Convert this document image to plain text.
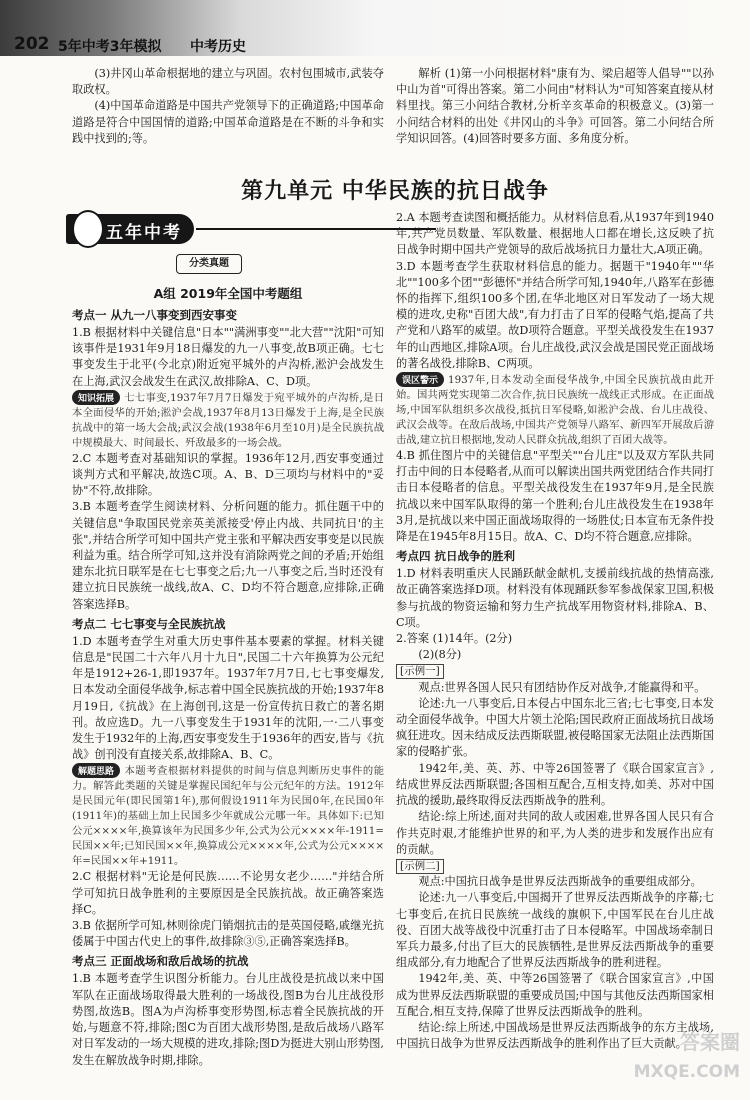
202 5年中考3年模拟 中考历史

(3)井冈山革命根据地的建立与巩固。农村包围城市,武装夺取政权。

(4)中国革命道路是中国共产党领导下的正确道路;中国革命道路是符合中国国情的道路;中国革命道路是在不断的斗争和实践中找到的;等。

解析 (1)第一小问根据材料"康有为、梁启超等人倡导""以孙中山为首"可得出答案。第二小问由"材料认为"可知答案直接从材料里找。第三小问结合教材,分析辛亥革命的积极意义。(3)第一小问结合材料的出处《井冈山的斗争》可回答。第二小问结合所学知识回答。(4)回答时要多方面、多角度分析。

第九单元 中华民族的抗日战争
五年中考
分类真题
A组 2019年全国中考题组

考点一 从九一八事变到西安事变

1.B 根据材料中关键信息"日本""满洲事变""北大营""沈阳"可知该事件是1931年9月18日爆发的九一八事变,故B项正确。七七事变发生于北平(今北京)附近宛平城外的卢沟桥,淞沪会战发生在上海,武汉会战发生在武汉,故排除A、C、D项。

知识拓展 七七事变,1937年7月7日爆发于宛平城外的卢沟桥,是日本全面侵华的开始;淞沪会战,1937年8月13日爆发于上海,是全民族抗战中的第一场大会战;武汉会战(1938年6月至10月)是全民族抗战中规模最大、时间最长、歼敌最多的一场会战。

2.C 本题考查对基础知识的掌握。1936年12月,西安事变通过谈判方式和平解决,故选C项。A、B、D三项均与材料中的"妥协"不符,故排除。

3.B 本题考查学生阅读材料、分析问题的能力。抓住题干中的关键信息"争取国民党亲英美派接受'停止内战、共同抗日'的主张",并结合所学可知中国共产党主张和平解决西安事变是以民族利益为重。结合所学可知,这并没有消除两党之间的矛盾;开始组建东北抗日联军是在七七事变之后;九一八事变之后,当时还没有建立抗日民族统一战线,故A、C、D均不符合题意,应排除,正确答案选择B。

考点二 七七事变与全民族抗战

1.D 本题考查学生对重大历史事件基本要素的掌握。材料关键信息是"民国二十六年八月十九日",民国二十六年换算为公元纪年是1912+26-1,即1937年。1937年7月7日,七七事变爆发,日本发动全面侵华战争,标志着中国全民族抗战的开始;1937年8月19日,《抗战》在上海创刊,这是一份宣传抗日救亡的著名期刊。故应选D。九一八事变发生于1931年的沈阳,一·二八事变发生于1932年的上海,西安事变发生于1936年的西安,皆与《抗战》创刊没有直接关系,故排除A、B、C。

解题思路 本题考查根据材料提供的时间与信息判断历史事件的能力。解答此类题的关键是掌握民国纪年与公元纪年的方法。1912年是民国元年(即民国第1年),那何假设1911年为民国0年,在民国0年(1911年)的基础上加上民国多少年就成公元哪一年。具体如下:已知公元××××年,换算该年为民国多少年,公式为公元××××年-1911=民国××年;已知民国××年,换算成公元××××年,公式为公元××××年=民国××年+1911。

2.C 根据材料"无论是何民族……不论男女老少……"并结合所学可知抗日战争胜利的主要原因是全民族抗战。故正确答案选择C。

3.B 依据所学可知,林则徐虎门销烟抗击的是英国侵略,戚继光抗倭属于中国古代史上的事件,故排除③⑤,正确答案选择B。

考点三 正面战场和敌后战场的抗战

1.B 本题考查学生识图分析能力。台儿庄战役是抗战以来中国军队在正面战场取得最大胜利的一场战役,图B为台儿庄战役形势图,故选B。图A为卢沟桥事变形势图,标志着全民族抗战的开始,与题意不符,排除;图C为百团大战形势图,是敌后战场八路军对日军发动的一场大规模的进攻,排除;图D为挺进大别山形势图,发生在解放战争时期,排除。

2.A 本题考查读图和概括能力。从材料信息看,从1937年到1940年,共产党员数量、军队数量、根据地人口都在增长,这反映了抗日战争时期中国共产党领导的敌后战场抗日力量壮大,A项正确。

3.D 本题考查学生获取材料信息的能力。据题干"1940年""华北""100多个团""彭德怀"并结合所学可知,1940年,八路军在彭德怀的指挥下,组织100多个团,在华北地区对日军发动了一场大规模的进攻,史称"百团大战",有力打击了日军的侵略气焰,提高了共产党和八路军的威望。故D项符合题意。平型关战役发生在1937年的山西地区,排除A项。台儿庄战役,武汉会战是国民党正面战场的著名战役,排除B、C两项。

误区警示 1937年,日本发动全面侵华战争,中国全民族抗战由此开始。国共两党实现第二次合作,抗日民族统一战线正式形成。在正面战场,中国军队组织多次战役,抵抗日军侵略,如淞沪会战、台儿庄战役、武汉会战等。在敌后战场,中国共产党领导八路军、新四军开展敌后游击战,建立抗日根据地,发动人民群众抗战,组织了百团大战等。

4.B 抓住图片中的关键信息"平型关""台儿庄"以及双方军队共同打击中间的日本侵略者,从而可以解读出国共两党团结合作共同打击日本侵略者的信息。平型关战役发生在1937年9月,是全民族抗战以来中国军队取得的第一个胜利;台儿庄战役发生在1938年3月,是抗战以来中国正面战场取得的一场胜仗;日本宣布无条件投降是在1945年8月15日。故A、C、D均不符合题意,应排除。

考点四 抗日战争的胜利

1.D 材料表明重庆人民踊跃献金献机,支援前线抗战的热情高涨,故正确答案选择D项。材料没有体现踊跃参军参战保家卫国,积极参与抗战的物资运输和努力生产抗战军用物资材料,排除A、B、C项。

2.答案 (1)14年。(2分)

(2)(8分)

[示例一]

观点:世界各国人民只有团结协作反对战争,才能赢得和平。

论述:九一八事变后,日本侵占中国东北三省;七七事变,日本发动全面侵华战争。中国大片领土沦陷;国民政府正面战场抗日战场疯狂进攻。因未结成反法西斯联盟,被侵略国家无法阻止法西斯国家的侵略扩张。

1942年,美、英、苏、中等26国签署了《联合国家宣言》,结成世界反法西斯联盟;各国相互配合,互相支持,如美、苏对中国抗战的援助,最终取得反法西斯战争的胜利。

结论:综上所述,面对共同的敌人或困难,世界各国人民只有合作共克时艰,才能维护世界的和平,为人类的进步和发展作出应有的贡献。

[示例二]

观点:中国抗日战争是世界反法西斯战争的重要组成部分。

论述:九一八事变后,中国揭开了世界反法西斯战争的序幕;七七事变后,在抗日民族统一战线的旗帜下,中国军民在台儿庄战役、百团大战等战役中沉重打击了日本侵略军。中国战场牵制日军兵力最多,付出了巨大的民族牺牲,是世界反法西斯战争的重要组成部分,有力地配合了世界反法西斯战争的胜利进程。

1942年,美、英、中等26国签署了《联合国家宣言》,中国成为世界反法西斯联盟的重要成员国;中国与其他反法西斯国家相互配合,相互支持,保障了世界反法西斯战争的胜利。

结论:综上所述,中国战场是世界反法西斯战争的东方主战场,中国抗日战争为世界反法西斯战争的胜利作出了巨大贡献。

答案圈
MXQE.COM
